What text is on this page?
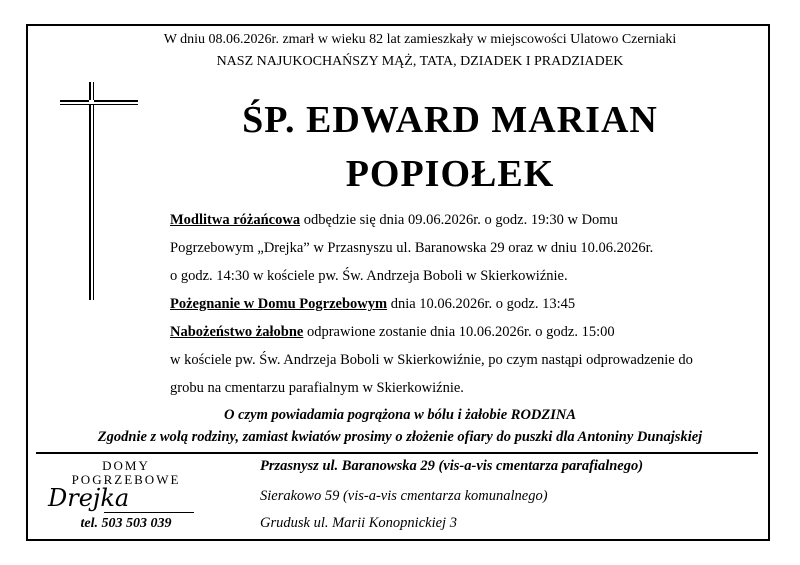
W dniu 08.06.2026r. zmarł w wieku 82 lat zamieszkały w miejscowości Ulatowo Czerniaki
NASZ NAJUKOCHAŃSZY MĄŻ, TATA, DZIADEK I PRADZIADEK
ŚP. EDWARD MARIAN
POPIOŁEK
Modlitwa różańcowa odbędzie się dnia 09.06.2026r. o godz. 19:30 w Domu
Pogrzebowym „Drejka” w Przasnyszu ul. Baranowska 29 oraz w dniu 10.06.2026r.
o godz. 14:30 w kościele pw. Św. Andrzeja Boboli w Skierkowiźnie.
Pożegnanie w Domu Pogrzebowym dnia 10.06.2026r. o godz. 13:45
Nabożeństwo żałobne odprawione zostanie dnia 10.06.2026r. o godz. 15:00
w kościele pw. Św. Andrzeja Boboli w Skierkowiźnie, po czym nastąpi odprowadzenie do
grobu na cmentarzu parafialnym w Skierkowiźnie.
O czym powiadamia pogrążona w bólu i żałobie RODZINA
Zgodnie z wolą rodziny, zamiast kwiatów prosimy o złożenie ofiary do puszki dla Antoniny Dunajskiej
DOMY
POGRZEBOWE
Drejka
tel. 503 503 039
Przasnysz ul. Baranowska 29 (vis-a-vis cmentarza parafialnego)
Sierakowo 59 (vis-a-vis cmentarza komunalnego)
Grudusk ul. Marii Konopnickiej 3
